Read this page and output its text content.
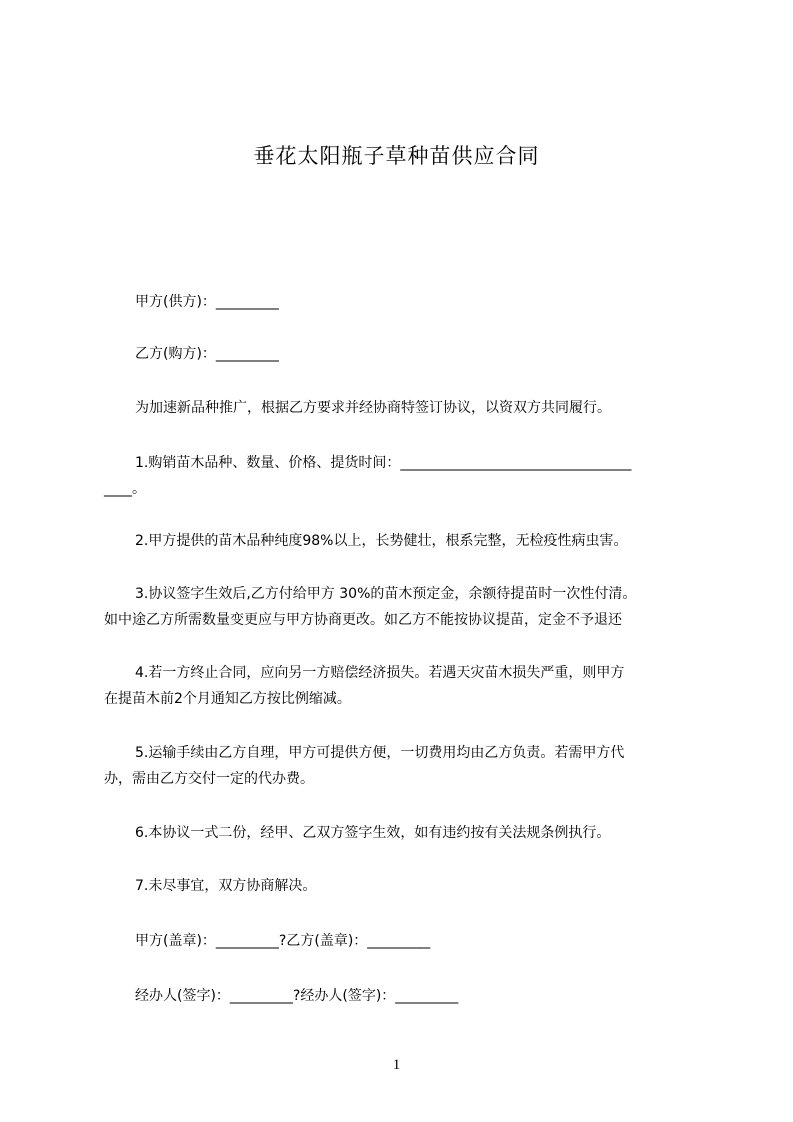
垂花太阳瓶子草种苗供应合同
甲方(供方)：_________
乙方(购方)：_________
为加速新品种推广，根据乙方要求并经协商特签订协议，以资双方共同履行。
1.购销苗木品种、数量、价格、提货时间：_________________________________
____。
2.甲方提供的苗木品种纯度98%以上，长势健壮，根系完整，无检疫性病虫害。
3.协议签字生效后,乙方付给甲方 30%的苗木预定金，余额待提苗时一次性付清。
如中途乙方所需数量变更应与甲方协商更改。如乙方不能按协议提苗，定金不予退还
4.若一方终止合同，应向另一方赔偿经济损失。若遇天灾苗木损失严重，则甲方
在提苗木前2个月通知乙方按比例缩减。
5.运输手续由乙方自理，甲方可提供方便，一切费用均由乙方负责。若需甲方代
办，需由乙方交付一定的代办费。
6.本协议一式二份，经甲、乙双方签字生效，如有违约按有关法规条例执行。
7.未尽事宜，双方协商解决。
甲方(盖章)：_________?乙方(盖章)：_________
经办人(签字)：_________?经办人(签字)：_________
1
